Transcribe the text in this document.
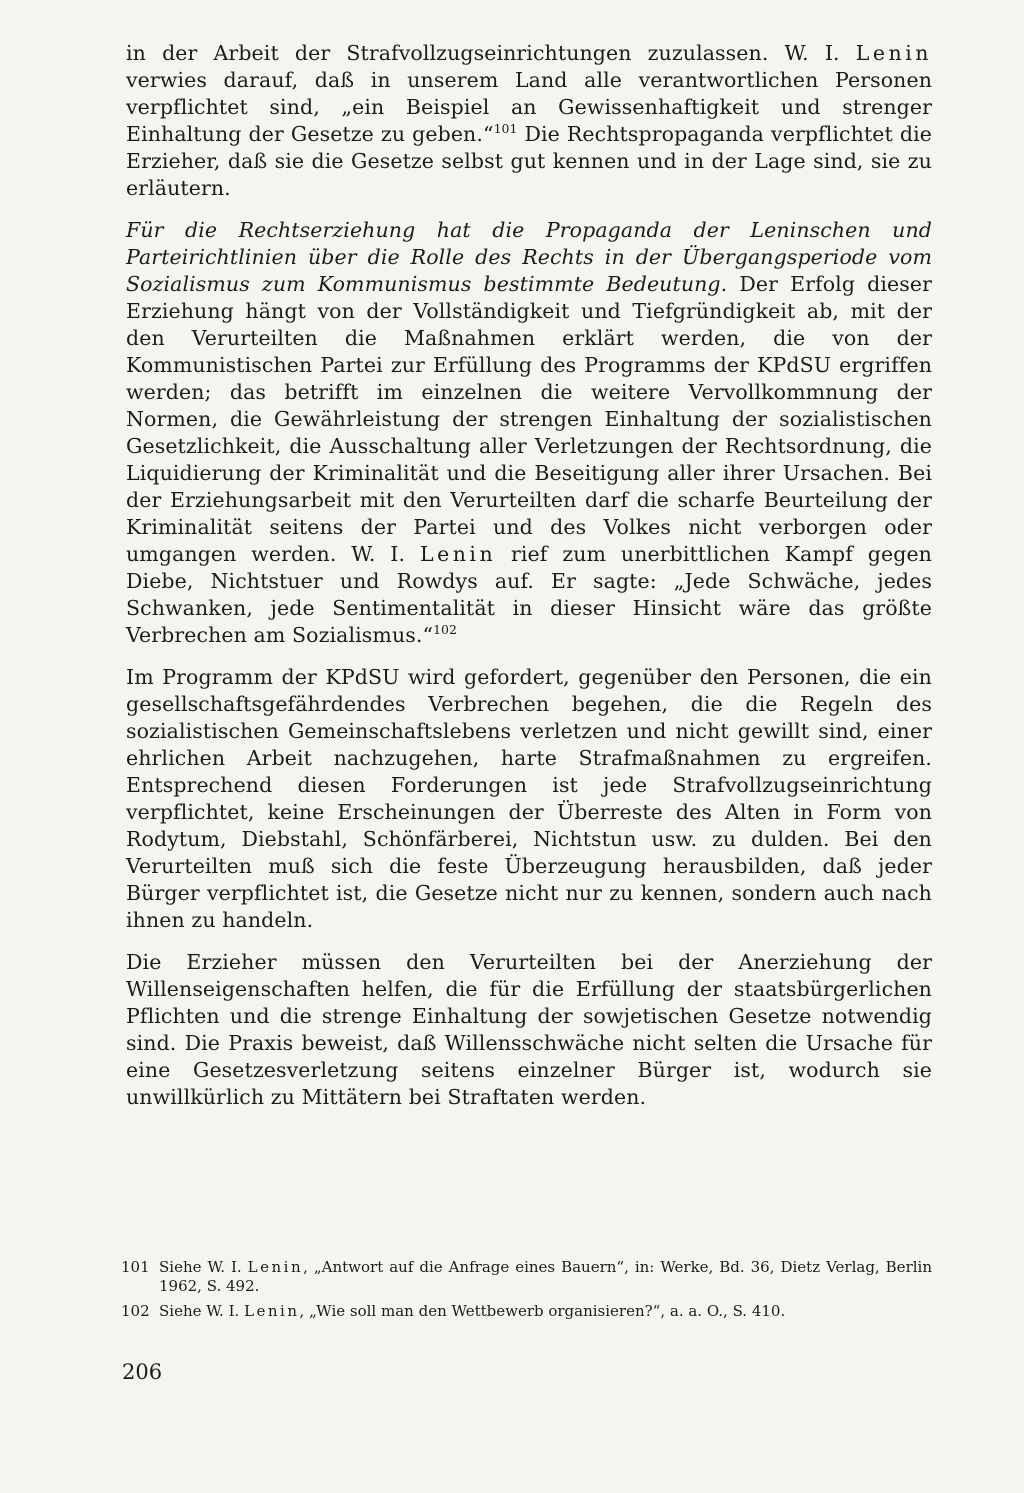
in der Arbeit der Strafvollzugseinrichtungen zuzulassen. W. I. Lenin verwies darauf, daß in unserem Land alle verantwortlichen Personen verpflichtet sind, „ein Beispiel an Gewissenhaftigkeit und strenger Einhaltung der Gesetze zu geben.“$^{101}$ Die Rechtspropaganda verpflichtet die Erzieher, daß sie die Gesetze selbst gut kennen und in der Lage sind, sie zu erläutern.

Für die Rechtserziehung hat die Propaganda der Leninschen und Parteirichtlinien über die Rolle des Rechts in der Übergangsperiode vom Sozialismus zum Kommunismus bestimmte Bedeutung. Der Erfolg dieser Erziehung hängt von der Vollständigkeit und Tiefgründigkeit ab, mit der den Verurteilten die Maßnahmen erklärt werden, die von der Kommunistischen Partei zur Erfüllung des Programms der KPdSU ergriffen werden; das betrifft im einzelnen die weitere Vervollkommnung der Normen, die Gewährleistung der strengen Einhaltung der sozialistischen Gesetzlichkeit, die Ausschaltung aller Verletzungen der Rechtsordnung, die Liquidierung der Kriminalität und die Beseitigung aller ihrer Ursachen. Bei der Erziehungsarbeit mit den Verurteilten darf die scharfe Beurteilung der Kriminalität seitens der Partei und des Volkes nicht verborgen oder umgangen werden. W. I. Lenin rief zum unerbittlichen Kampf gegen Diebe, Nichtstuer und Rowdys auf. Er sagte: „Jede Schwäche, jedes Schwanken, jede Sentimentalität in dieser Hinsicht wäre das größte Verbrechen am Sozialismus.“$^{102}$

Im Programm der KPdSU wird gefordert, gegenüber den Personen, die ein gesellschaftsgefährdendes Verbrechen begehen, die die Regeln des sozialistischen Gemeinschaftslebens verletzen und nicht gewillt sind, einer ehrlichen Arbeit nachzugehen, harte Strafmaßnahmen zu ergreifen. Entsprechend diesen Forderungen ist jede Strafvollzugseinrichtung verpflichtet, keine Erscheinungen der Überreste des Alten in Form von Rodytum, Diebstahl, Schönfärberei, Nichtstun usw. zu dulden. Bei den Verurteilten muß sich die feste Überzeugung herausbilden, daß jeder Bürger verpflichtet ist, die Gesetze nicht nur zu kennen, sondern auch nach ihnen zu handeln.

Die Erzieher müssen den Verurteilten bei der Anerziehung der Willenseigenschaften helfen, die für die Erfüllung der staatsbürgerlichen Pflichten und die strenge Einhaltung der sowjetischen Gesetze notwendig sind. Die Praxis beweist, daß Willensschwäche nicht selten die Ursache für eine Gesetzesverletzung seitens einzelner Bürger ist, wodurch sie unwillkürlich zu Mittätern bei Straftaten werden.

101 Siehe W. I. Lenin, „Antwort auf die Anfrage eines Bauern“, in: Werke, Bd. 36, Dietz Verlag, Berlin 1962, S. 492.
102 Siehe W. I. Lenin, „Wie soll man den Wettbewerb organisieren?“, a. a. O., S. 410.
206
